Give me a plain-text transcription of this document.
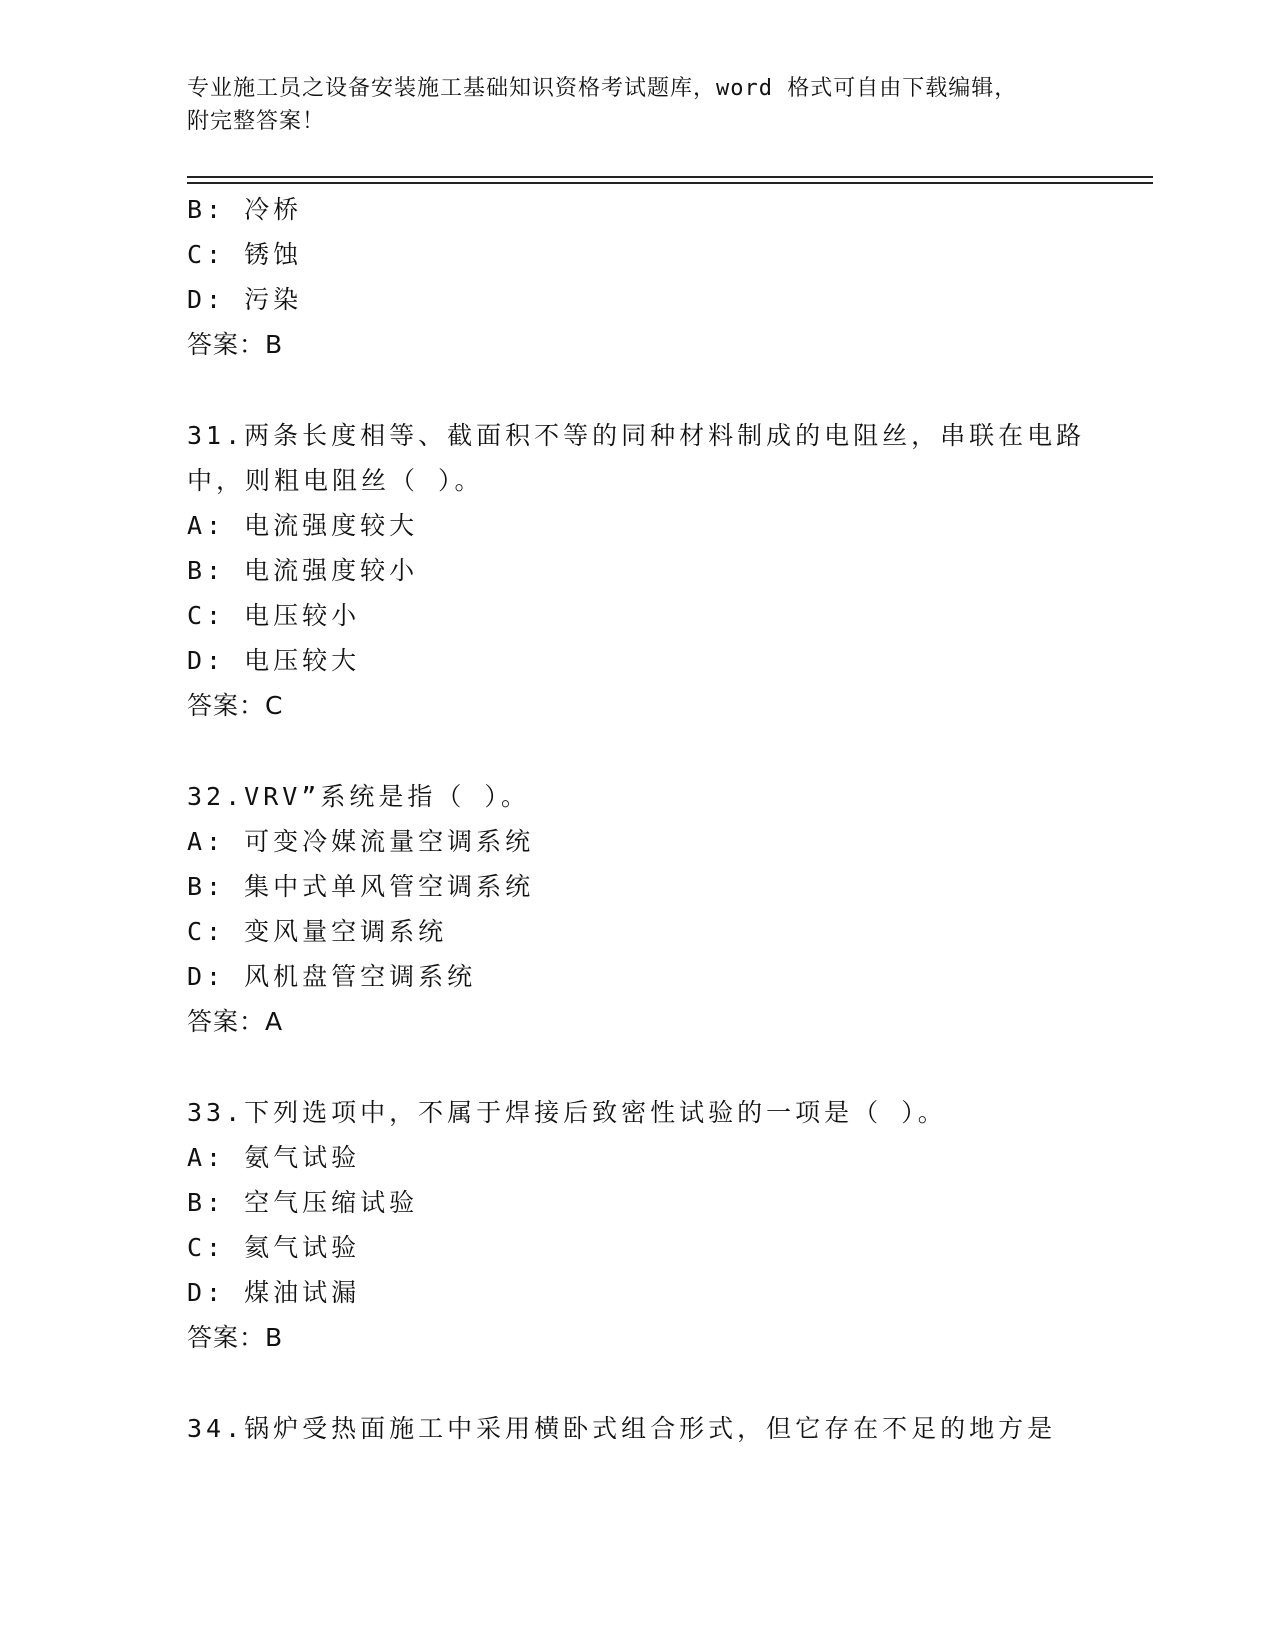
专业施工员之设备安装施工基础知识资格考试题库，word 格式可自由下载编辑，
附完整答案！
B: 冷桥
C: 锈蚀
D: 污染
答案：B
31.两条长度相等、截面积不等的同种材料制成的电阻丝，串联在电路
中，则粗电阻丝（ ）。
A: 电流强度较大
B: 电流强度较小
C: 电压较小
D: 电压较大
答案：C
32.VRV”系统是指（ ）。
A: 可变冷媒流量空调系统
B: 集中式单风管空调系统
C: 变风量空调系统
D: 风机盘管空调系统
答案：A
33.下列选项中，不属于焊接后致密性试验的一项是（ ）。
A: 氨气试验
B: 空气压缩试验
C: 氦气试验
D: 煤油试漏
答案：B
34.锅炉受热面施工中采用横卧式组合形式，但它存在不足的地方是
